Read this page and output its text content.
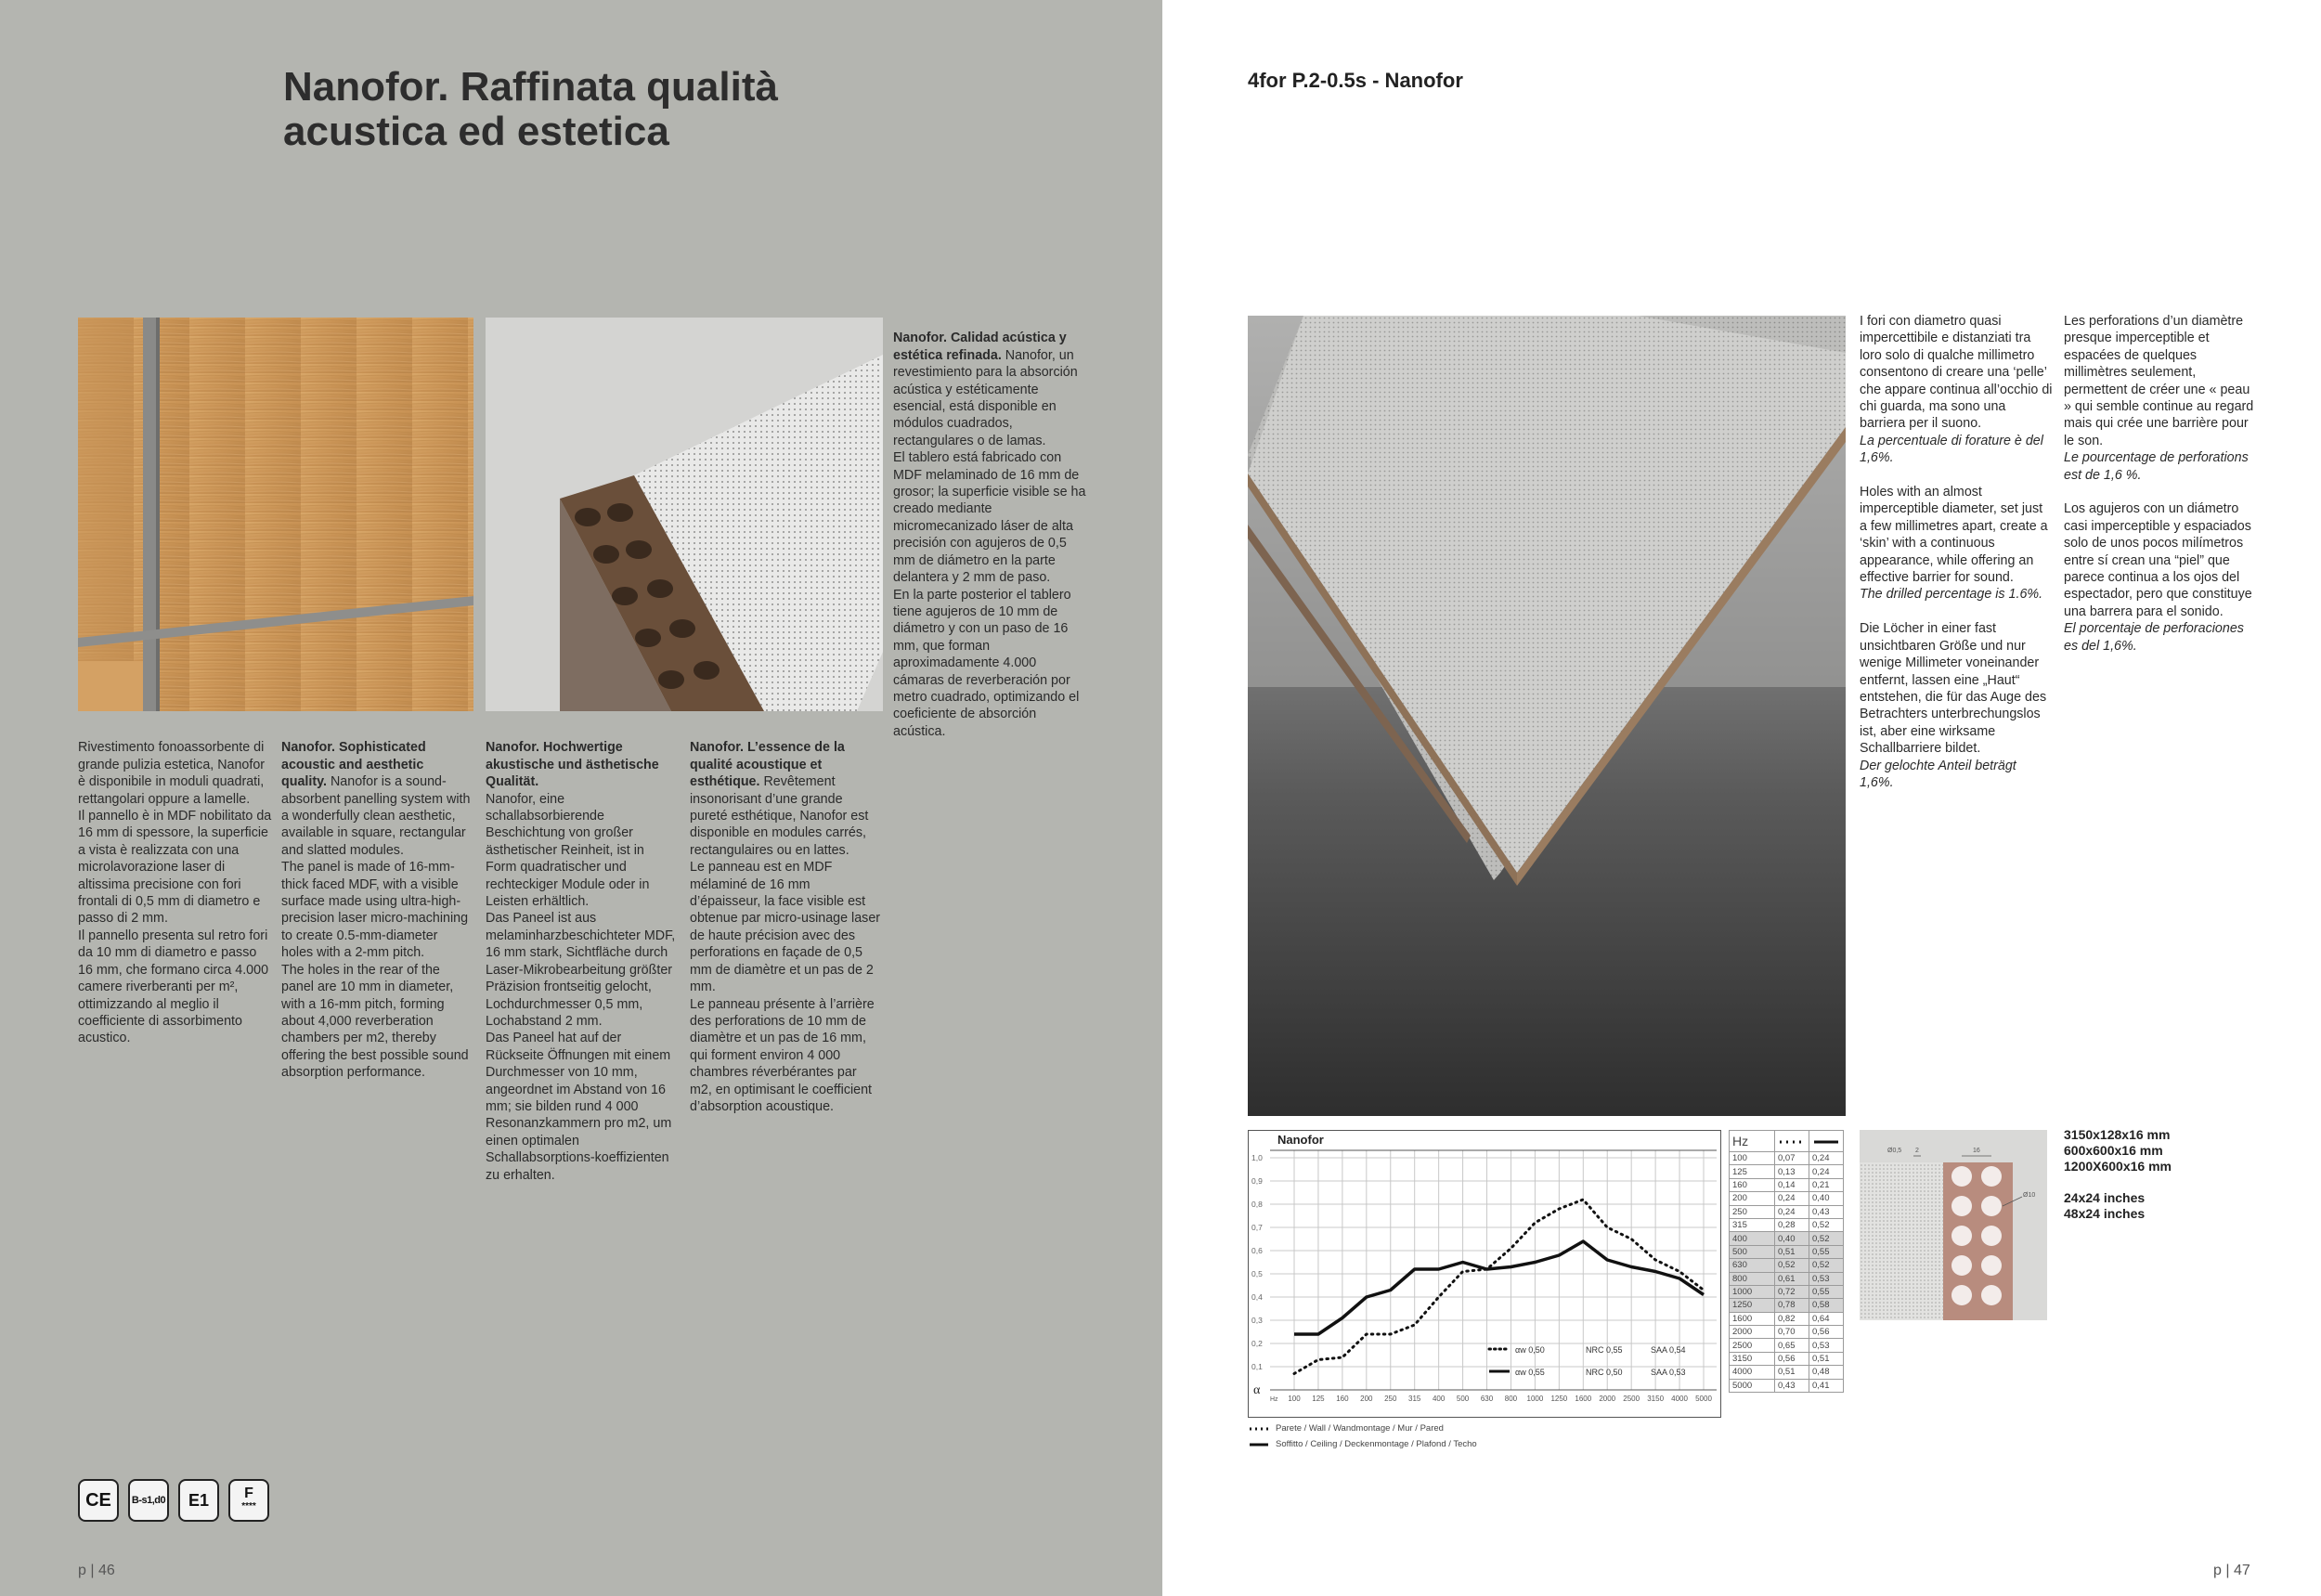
Nanofor. Raffinata qualità
acustica ed estetica

Rivestimento fonoassorbente di grande pulizia estetica, Nanofor è disponibile in moduli quadrati, rettangolari oppure a lamelle.
Il pannello è in MDF nobilitato da 16 mm di spessore, la superficie a vista è realizzata con una microlavorazione laser di altissima precisione con fori frontali di 0,5 mm di diametro e passo di 2 mm.
Il pannello presenta sul retro fori da 10 mm di diametro e passo 16 mm, che formano circa 4.000 camere riverberanti per m², ottimizzando al meglio il coefficiente di assorbimento acustico.

Nanofor. Sophisticated acoustic and aesthetic quality. Nanofor is a sound-absorbent panelling system with a wonderfully clean aesthetic, available in square, rectangular and slatted modules.
The panel is made of 16-mm-thick faced MDF, with a visible surface made using ultra-high-precision laser micro-machining to create 0.5-mm-diameter holes with a 2-mm pitch.
The holes in the rear of the panel are 10 mm in diameter, with a 16-mm pitch, forming about 4,000 reverberation chambers per m2, thereby offering the best possible sound absorption performance.

Nanofor. Hochwertige akustische und ästhetische Qualität.
Nanofor, eine schallabsorbierende Beschichtung von großer ästhetischer Reinheit, ist in Form quadratischer und rechteckiger Module oder in Leisten erhältlich.
Das Paneel ist aus melaminharzbeschichteter MDF, 16 mm stark, Sichtfläche durch Laser-Mikrobearbeitung größter Präzision frontseitig gelocht, Lochdurchmesser 0,5 mm, Lochabstand 2 mm.
Das Paneel hat auf der Rückseite Öffnungen mit einem Durchmesser von 10 mm, angeordnet im Abstand von 16 mm; sie bilden rund 4 000 Resonanzkammern pro m2, um einen optimalen Schallabsorptions-koeffizienten zu erhalten.

Nanofor. L’essence de la qualité acoustique et esthétique. Revêtement insonorisant d’une grande pureté esthétique, Nanofor est disponible en modules carrés, rectangulaires ou en lattes.
Le panneau est en MDF mélaminé de 16 mm d’épaisseur, la face visible est obtenue par micro-usinage laser de haute précision avec des perforations en façade de 0,5 mm de diamètre et un pas de 2 mm.
Le panneau présente à l’arrière des perforations de 10 mm de diamètre et un pas de 16 mm, qui forment environ 4 000 chambres réverbérantes par m2, en optimisant le coefficient d’absorption acoustique.

Nanofor. Calidad acústica y estética refinada. Nanofor, un revestimiento para la absorción acústica y estéticamente esencial, está disponible en módulos cuadrados, rectangulares o de lamas.
El tablero está fabricado con MDF melaminado de 16 mm de grosor; la superficie visible se ha creado mediante micromecanizado láser de alta precisión con agujeros de 0,5 mm de diámetro en la parte delantera y 2 mm de paso.
En la parte posterior el tablero tiene agujeros de 10 mm de diámetro y con un paso de 16 mm, que forman aproximadamente 4.000 cámaras de reverberación por metro cuadrado, optimizando el coeficiente de absorción acústica.

CE	B-s1,d0	E1	F
****
p | 46
4for P.2-0.5s - Nanofor

I fori con diametro quasi impercettibile e distanziati tra loro solo di qualche millimetro consentono di creare una ‘pelle’ che appare continua all’occhio di chi guarda, ma sono una barriera per il suono.

La percentuale di forature è del 1,6%.

Holes with an almost imperceptible diameter, set just a few millimetres apart, create a ‘skin’ with a continuous appearance, while offering an effective barrier for sound.

The drilled percentage is 1.6%.

Die Löcher in einer fast unsichtbaren Größe und nur wenige Millimeter voneinander entfernt, lassen eine „Haut“ entstehen, die für das Auge des Betrachters unterbrechungslos ist, aber eine wirksame Schallbarriere bildet.

Der gelochte Anteil beträgt 1,6%.

Les perforations d’un diamètre presque imperceptible et espacées de quelques millimètres seulement, permettent de créer une « peau » qui semble continue au regard mais qui crée une barrière pour le son.

Le pourcentage de perforations est de 1,6 %.

Los agujeros con un diámetro casi imperceptible y espaciados solo de unos pocos milímetros entre sí crean una “piel” que parece continua a los ojos del espectador, pero que constituye una barrera para el sonido.

El porcentaje de perforaciones es del 1,6%.

0,1
0,2
0,3
0,4
0,5
0,6
0,7
0,8
0,9
1,0
100 125 160 200 250 315 400 500 630 800 1000 1250 1600 2000 2500 3150 4000 5000
Nanofor
α
Hz
αw 0,50	NRC 0,55	SAA 0,54
αw 0,55	NRC 0,50	SAA 0,53
Parete / Wall / Wandmontage / Mur / Pared
Soffitto / Ceiling / Deckenmontage / Plafond / Techo
Hz		
100	0,07	0,24
125	0,13	0,24
160	0,14	0,21
200	0,24	0,40
250	0,24	0,43
315	0,28	0,52
400	0,40	0,52
500	0,51	0,55
630	0,52	0,52
800	0,61	0,53
1000	0,72	0,55
1250	0,78	0,58
1600	0,82	0,64
2000	0,70	0,56
2500	0,65	0,53
3150	0,56	0,51
4000	0,51	0,48
5000	0,43	0,41
Ø0,5 2	16
Ø10
3150x128x16 mm
600x600x16 mm
1200X600x16 mm
24x24 inches
48x24 inches
p | 47
